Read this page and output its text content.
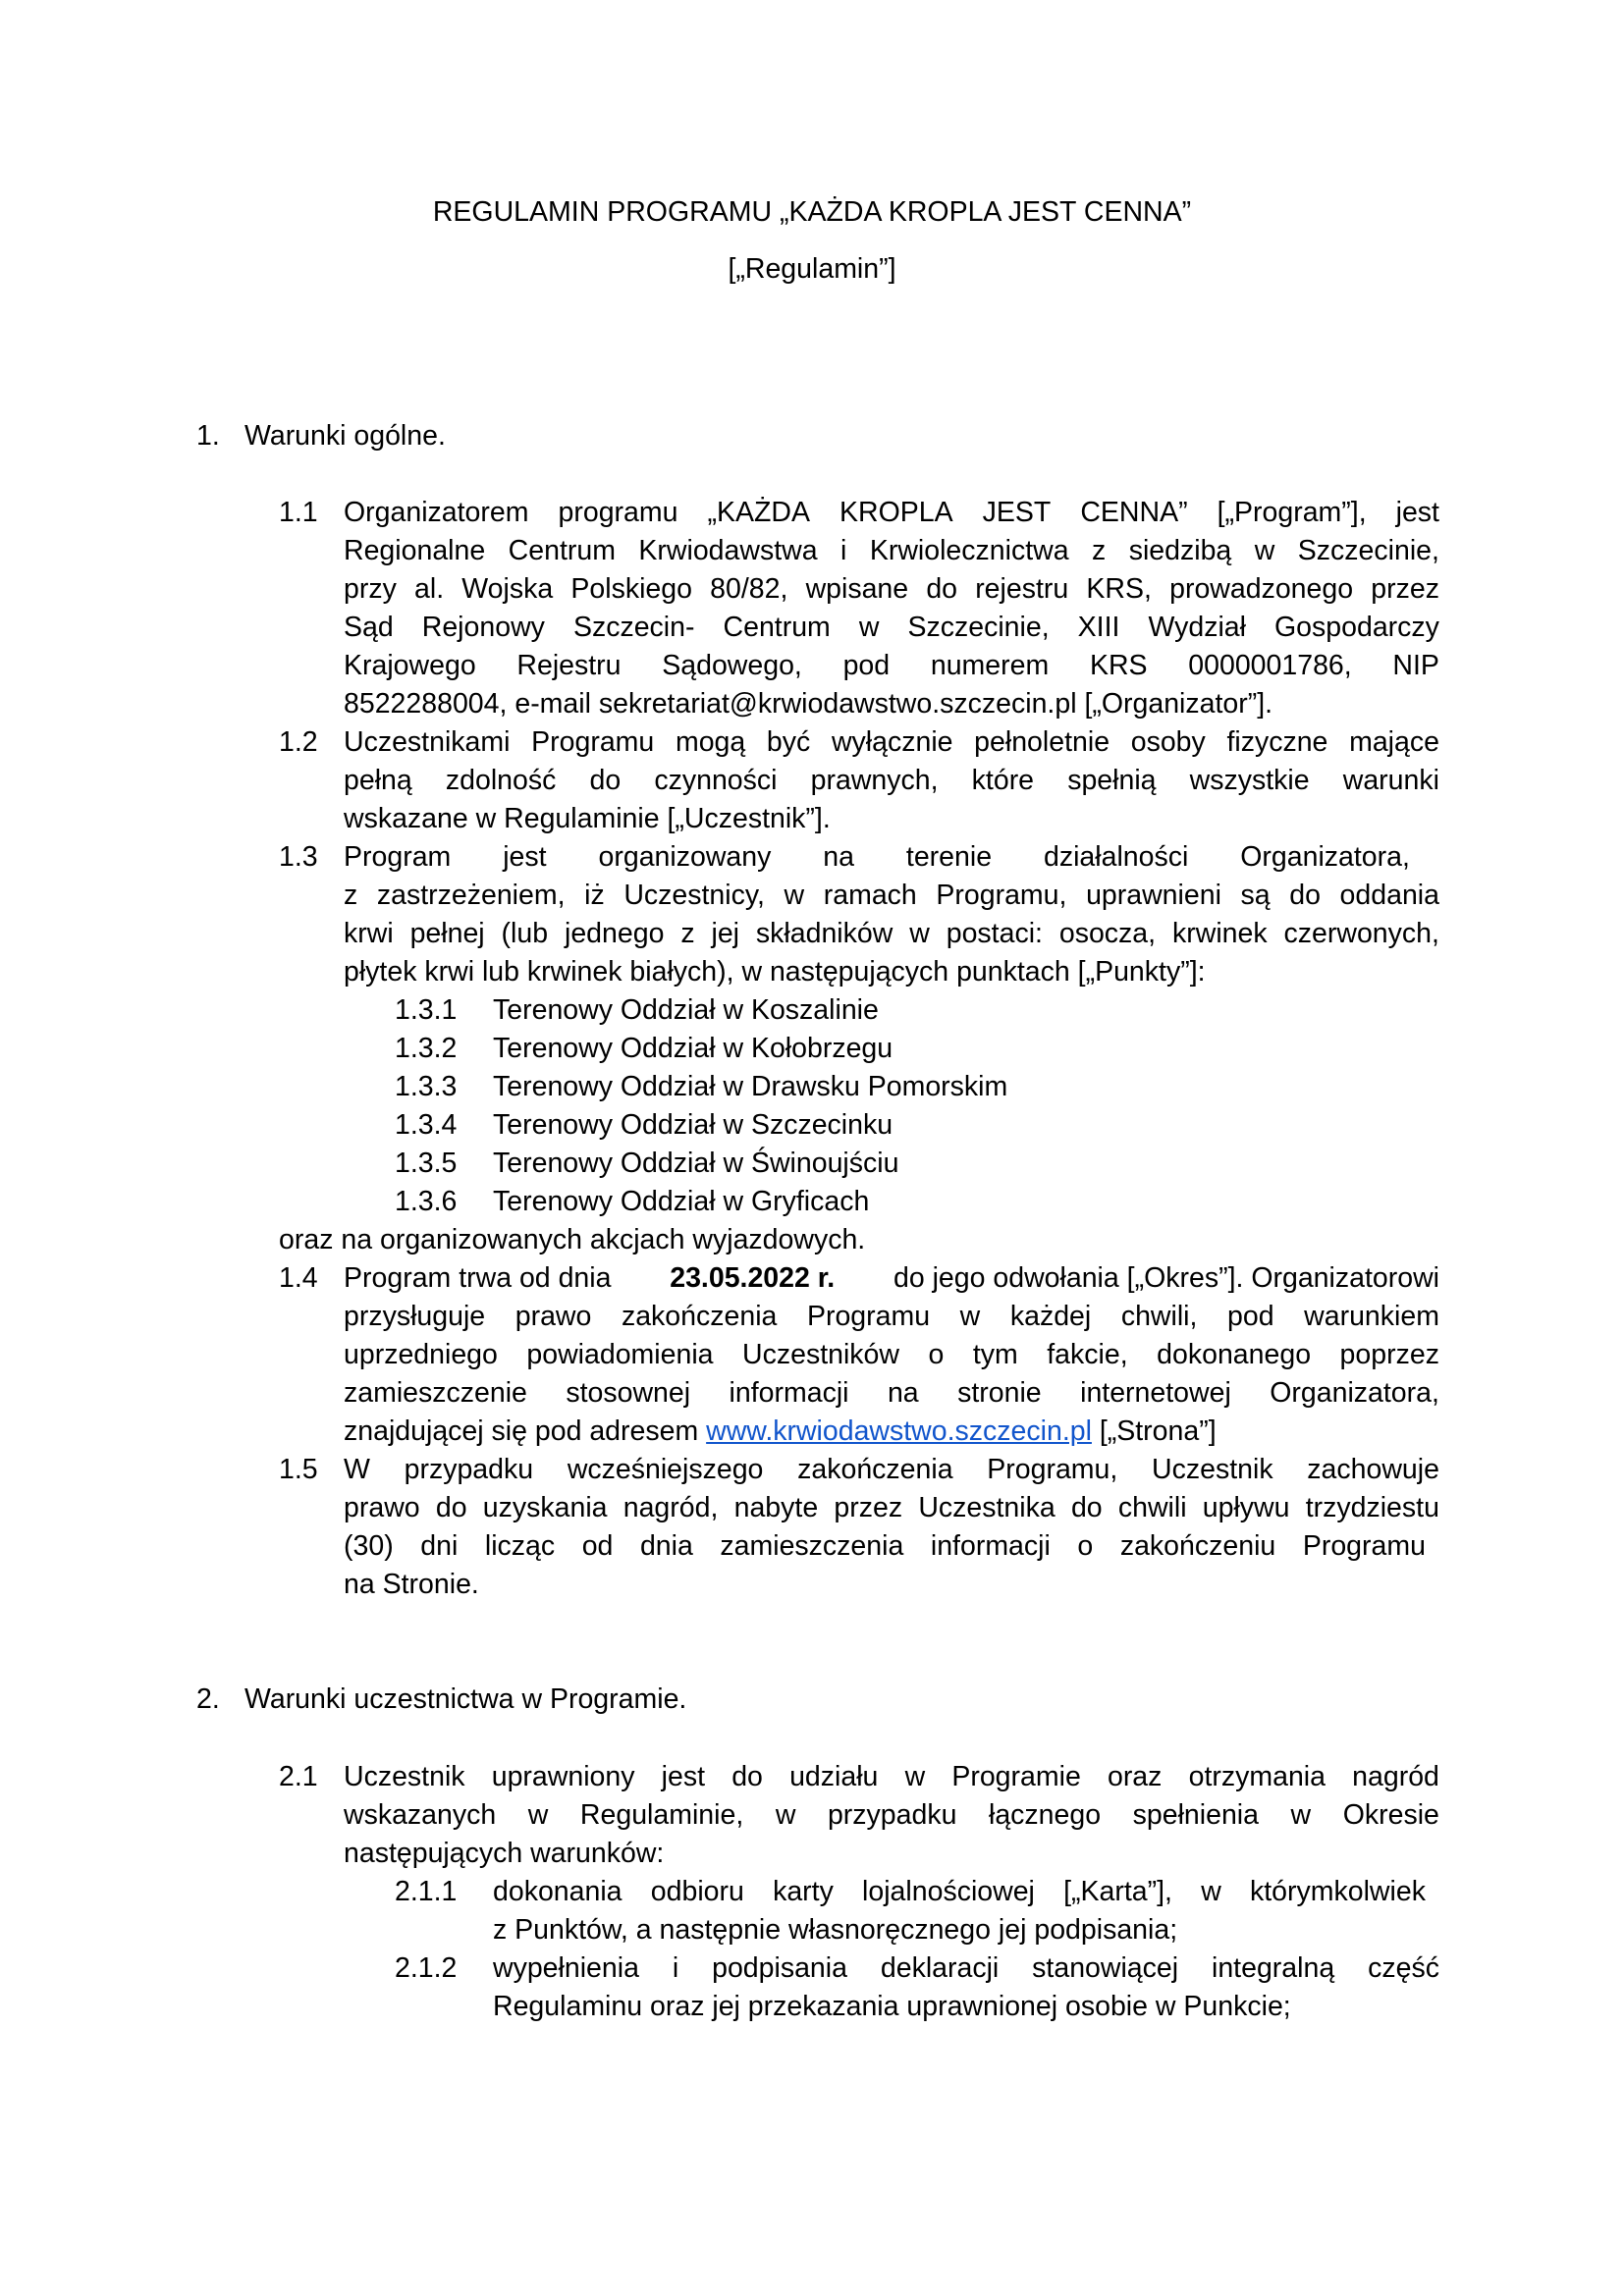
REGULAMIN PROGRAMU „KAŻDA KROPLA JEST CENNA”
[„Regulamin”]
1. Warunki ogólne.
1.1 Organizatorem programu „KAŻDA KROPLA JEST CENNA” [„Program”], jest
Regionalne Centrum Krwiodawstwa i Krwiolecznictwa z siedzibą w Szczecinie,
przy al. Wojska Polskiego 80/82, wpisane do rejestru KRS, prowadzonego przez
Sąd Rejonowy Szczecin- Centrum w Szczecinie, XIII Wydział Gospodarczy
Krajowego Rejestru Sądowego, pod numerem KRS 0000001786, NIP
8522288004, e-mail sekretariat@krwiodawstwo.szczecin.pl [„Organizator”].
1.2 Uczestnikami Programu mogą być wyłącznie pełnoletnie osoby fizyczne mające
pełną zdolność do czynności prawnych, które spełnią wszystkie warunki
wskazane w Regulaminie [„Uczestnik”].
1.3 Program jest organizowany na terenie działalności Organizatora,
z zastrzeżeniem, iż Uczestnicy, w ramach Programu, uprawnieni są do oddania
krwi pełnej (lub jednego z jej składników w postaci: osocza, krwinek czerwonych,
płytek krwi lub krwinek białych), w następujących punktach [„Punkty”]:
1.3.1 Terenowy Oddział w Koszalinie
1.3.2 Terenowy Oddział w Kołobrzegu
1.3.3 Terenowy Oddział w Drawsku Pomorskim
1.3.4 Terenowy Oddział w Szczecinku
1.3.5 Terenowy Oddział w Świnoujściu
1.3.6 Terenowy Oddział w Gryficach
oraz na organizowanych akcjach wyjazdowych.
1.4 Program trwa od dnia 23.05.2022 r. do jego odwołania [„Okres”]. Organizatorowi
przysługuje prawo zakończenia Programu w każdej chwili, pod warunkiem
uprzedniego powiadomienia Uczestników o tym fakcie, dokonanego poprzez
zamieszczenie stosownej informacji na stronie internetowej Organizatora,
znajdującej się pod adresem www.krwiodawstwo.szczecin.pl [„Strona”]
1.5 W przypadku wcześniejszego zakończenia Programu, Uczestnik zachowuje
prawo do uzyskania nagród, nabyte przez Uczestnika do chwili upływu trzydziestu
(30) dni licząc od dnia zamieszczenia informacji o zakończeniu Programu
na Stronie.
2. Warunki uczestnictwa w Programie.
2.1 Uczestnik uprawniony jest do udziału w Programie oraz otrzymania nagród
wskazanych w Regulaminie, w przypadku łącznego spełnienia w Okresie
następujących warunków:
2.1.1 dokonania odbioru karty lojalnościowej [„Karta”], w którymkolwiek
z Punktów, a następnie własnoręcznego jej podpisania;
2.1.2 wypełnienia i podpisania deklaracji stanowiącej integralną część
Regulaminu oraz jej przekazania uprawnionej osobie w Punkcie;
